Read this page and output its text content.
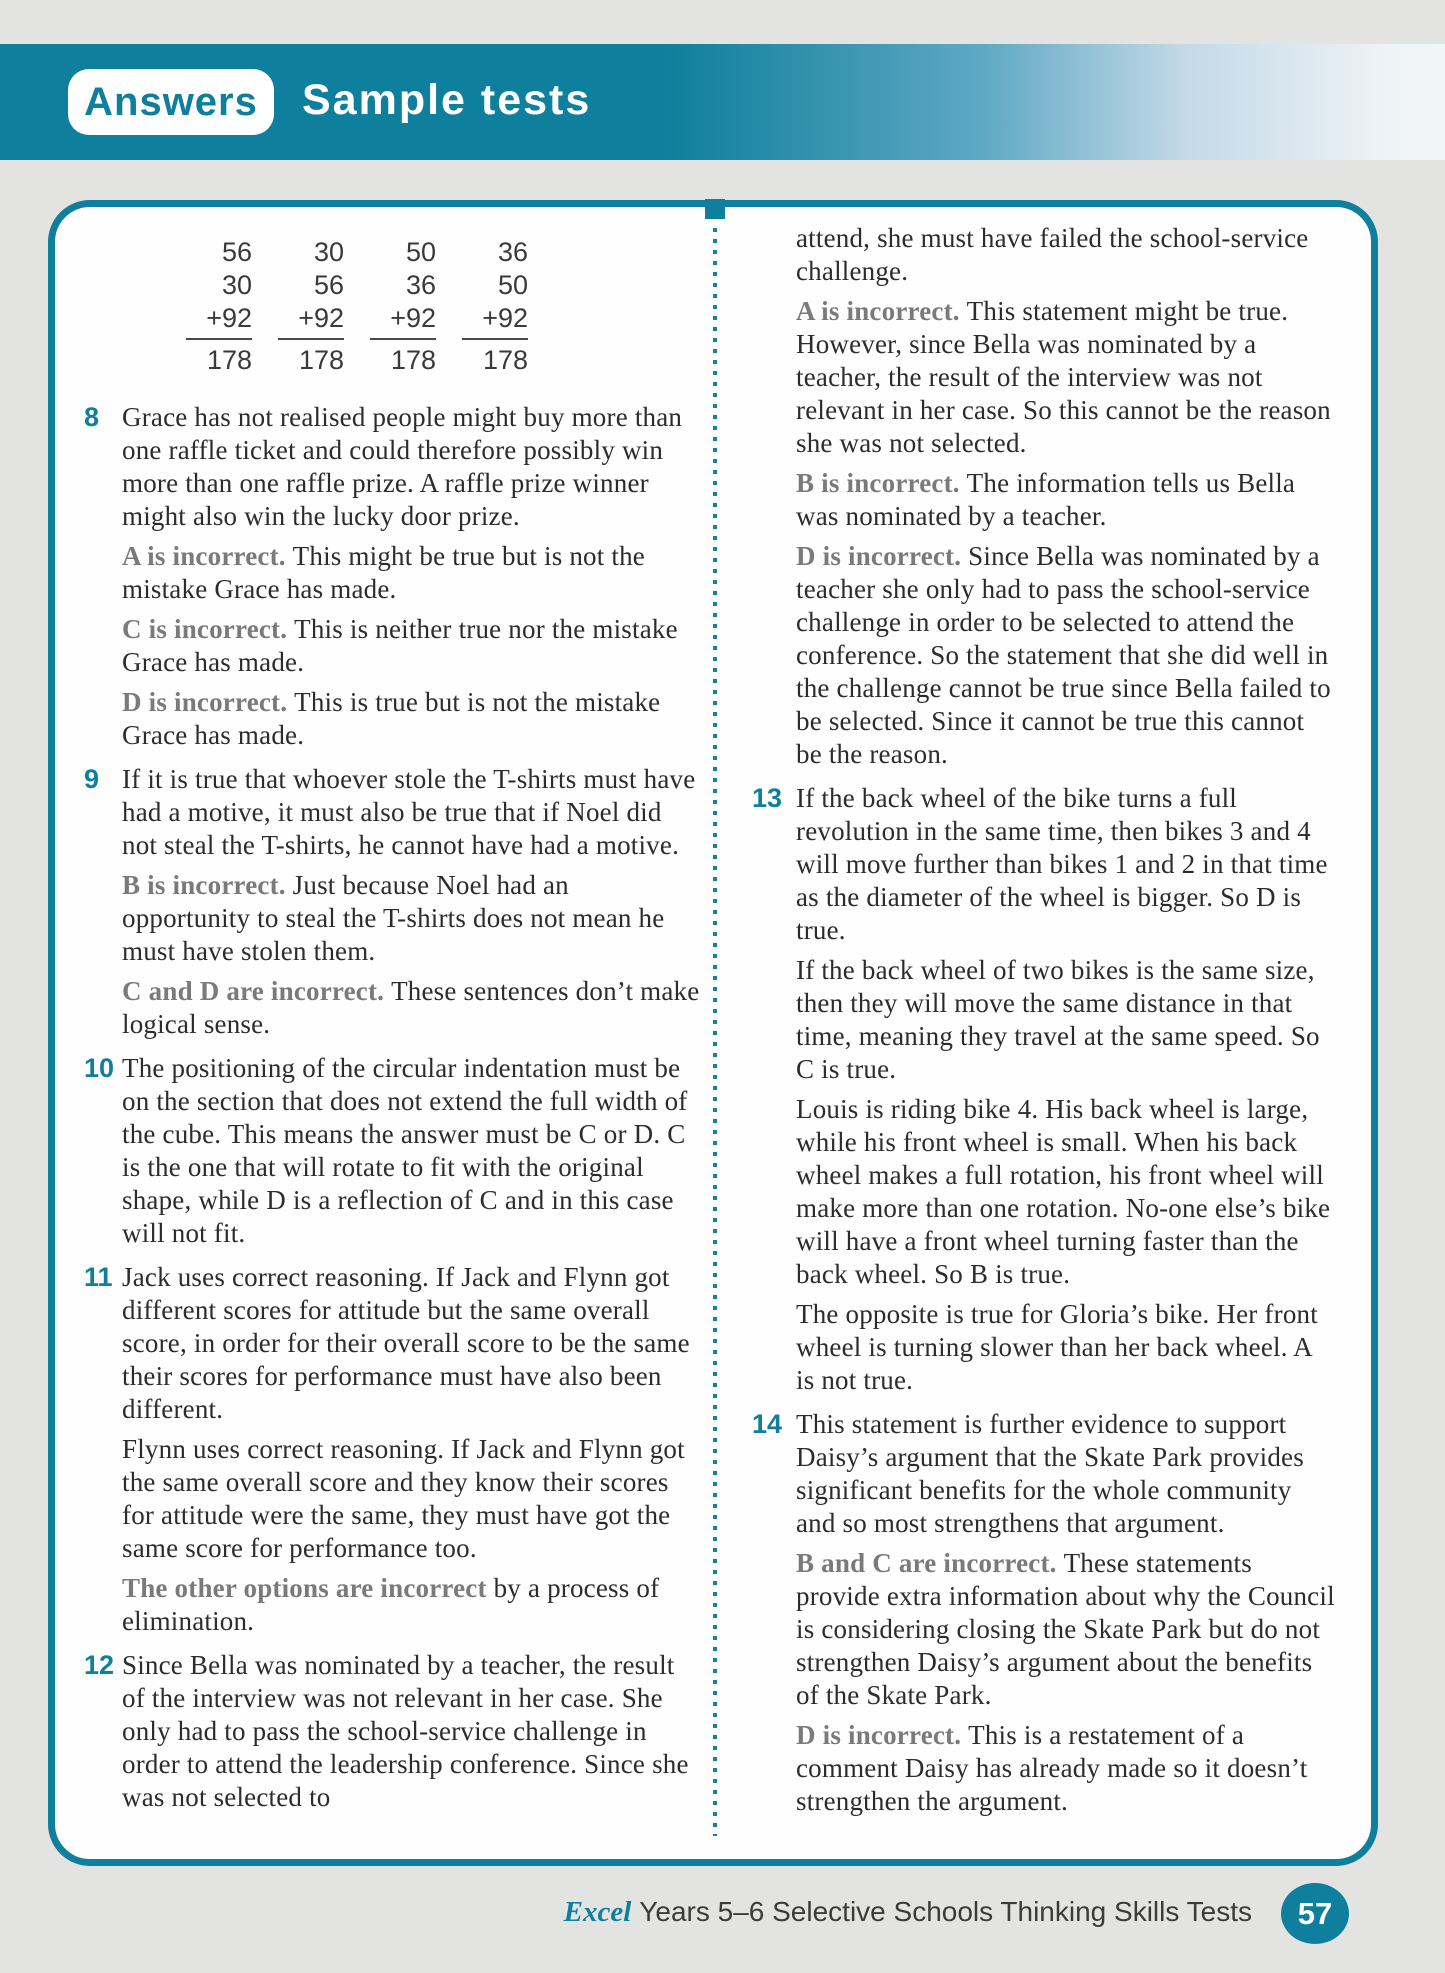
Answers Sample tests
56
30
+92
178
30
56
+92
178
50
36
+92
178
36
50
+92
178
8 Grace has not realised people might buy more than one raffle ticket and could therefore possibly win more than one raffle prize. A raffle prize winner might also win the lucky door prize.

A is incorrect. This might be true but is not the mistake Grace has made.

C is incorrect. This is neither true nor the mistake Grace has made.

D is incorrect. This is true but is not the mistake Grace has made.

9 If it is true that whoever stole the T-shirts must have had a motive, it must also be true that if Noel did not steal the T-shirts, he cannot have had a motive.

B is incorrect. Just because Noel had an opportunity to steal the T-shirts does not mean he must have stolen them.

C and D are incorrect. These sentences don’t make logical sense.

10 The positioning of the circular indentation must be on the section that does not extend the full width of the cube. This means the answer must be C or D. C is the one that will rotate to fit with the original shape, while D is a reflection of C and in this case will not fit.

11 Jack uses correct reasoning. If Jack and Flynn got different scores for attitude but the same overall score, in order for their overall score to be the same their scores for performance must have also been different.

Flynn uses correct reasoning. If Jack and Flynn got the same overall score and they know their scores for attitude were the same, they must have got the same score for performance too.

The other options are incorrect by a process of elimination.

12 Since Bella was nominated by a teacher, the result of the interview was not relevant in her case. She only had to pass the school-service challenge in order to attend the leadership conference. Since she was not selected to

attend, she must have failed the school-service challenge.

A is incorrect. This statement might be true. However, since Bella was nominated by a teacher, the result of the interview was not relevant in her case. So this cannot be the reason she was not selected.

B is incorrect. The information tells us Bella was nominated by a teacher.

D is incorrect. Since Bella was nominated by a teacher she only had to pass the school-service challenge in order to be selected to attend the conference. So the statement that she did well in the challenge cannot be true since Bella failed to be selected. Since it cannot be true this cannot be the reason.

13 If the back wheel of the bike turns a full revolution in the same time, then bikes 3 and 4 will move further than bikes 1 and 2 in that time as the diameter of the wheel is bigger. So D is true.

If the back wheel of two bikes is the same size, then they will move the same distance in that time, meaning they travel at the same speed. So C is true.

Louis is riding bike 4. His back wheel is large, while his front wheel is small. When his back wheel makes a full rotation, his front wheel will make more than one rotation. No-one else’s bike will have a front wheel turning faster than the back wheel. So B is true.

The opposite is true for Gloria’s bike. Her front wheel is turning slower than her back wheel. A is not true.

14 This statement is further evidence to support Daisy’s argument that the Skate Park provides significant benefits for the whole community and so most strengthens that argument.

B and C are incorrect. These statements provide extra information about why the Council is considering closing the Skate Park but do not strengthen Daisy’s argument about the benefits of the Skate Park.

D is incorrect. This is a restatement of a comment Daisy has already made so it doesn’t strengthen the argument.

Excel Years 5–6 Selective Schools Thinking Skills Tests 57
